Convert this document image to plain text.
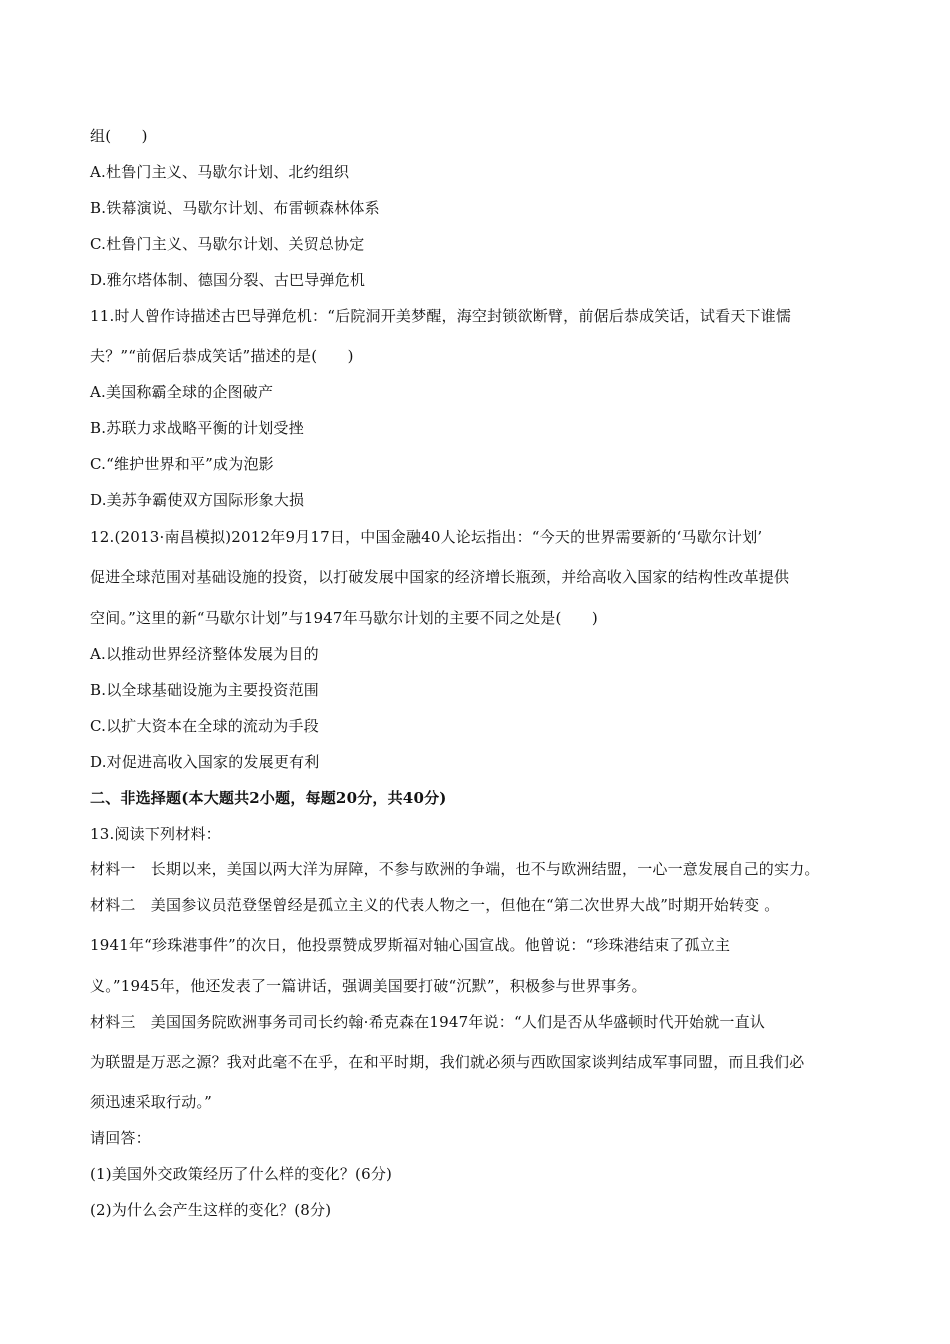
组(　　)
A.杜鲁门主义、马歇尔计划、北约组织
B.铁幕演说、马歇尔计划、布雷顿森林体系
C.杜鲁门主义、马歇尔计划、关贸总协定
D.雅尔塔体制、德国分裂、古巴导弹危机
11.时人曾作诗描述古巴导弹危机：“后院洞开美梦醒，海空封锁欲断臂，前倨后恭成笑话，试看天下谁懦
夫？”“前倨后恭成笑话”描述的是(　　)
A.美国称霸全球的企图破产
B.苏联力求战略平衡的计划受挫
C.“维护世界和平”成为泡影
D.美苏争霸使双方国际形象大损
12.(2013·南昌模拟)2012年9月17日，中国金融40人论坛指出：“今天的世界需要新的‘马歇尔计划’
促进全球范围对基础设施的投资，以打破发展中国家的经济增长瓶颈，并给高收入国家的结构性改革提供
空间。”这里的新“马歇尔计划”与1947年马歇尔计划的主要不同之处是(　　)
A.以推动世界经济整体发展为目的
B.以全球基础设施为主要投资范围
C.以扩大资本在全球的流动为手段
D.对促进高收入国家的发展更有利
二、非选择题(本大题共2小题，每题20分，共40分)
13.阅读下列材料：
材料一　长期以来，美国以两大洋为屏障，不参与欧洲的争端，也不与欧洲结盟，一心一意发展自己的实力。
材料二　美国参议员范登堡曾经是孤立主义的代表人物之一，但他在“第二次世界大战”时期开始转变 。
1941年“珍珠港事件”的次日，他投票赞成罗斯福对轴心国宣战。他曾说：“珍珠港结束了孤立主
义。”1945年，他还发表了一篇讲话，强调美国要打破“沉默”，积极参与世界事务。
材料三　美国国务院欧洲事务司司长约翰·希克森在1947年说：“人们是否从华盛顿时代开始就一直认
为联盟是万恶之源？我对此毫不在乎，在和平时期，我们就必须与西欧国家谈判结成军事同盟，而且我们必
须迅速采取行动。”
请回答：
(1)美国外交政策经历了什么样的变化？(6分)
(2)为什么会产生这样的变化？(8分)
